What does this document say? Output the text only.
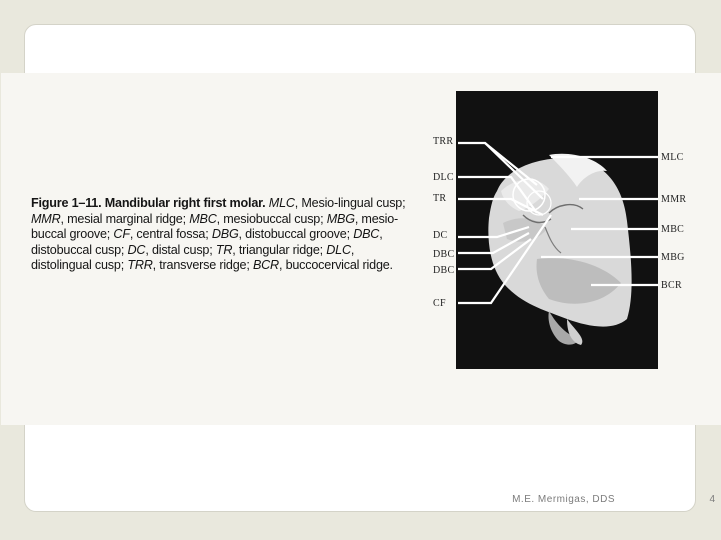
Figure 1–11. Mandibular right first molar. MLC, Mesio-lingual cusp; MMR, mesial marginal ridge; MBC, mesiobuccal cusp; MBG, mesio-buccal groove; CF, central fossa; DBG, distobuccal groove; DBC, distobuccal cusp; DC, distal cusp; TR, triangular ridge; DLC, distolingual cusp; TRR, transverse ridge; BCR, buccocervical ridge.
TRR
DLC
TR
DC
DBC
DBC
CF
MLC
MMR
MBC
MBG
BCR
M.E. Mermigas, DDS	4
